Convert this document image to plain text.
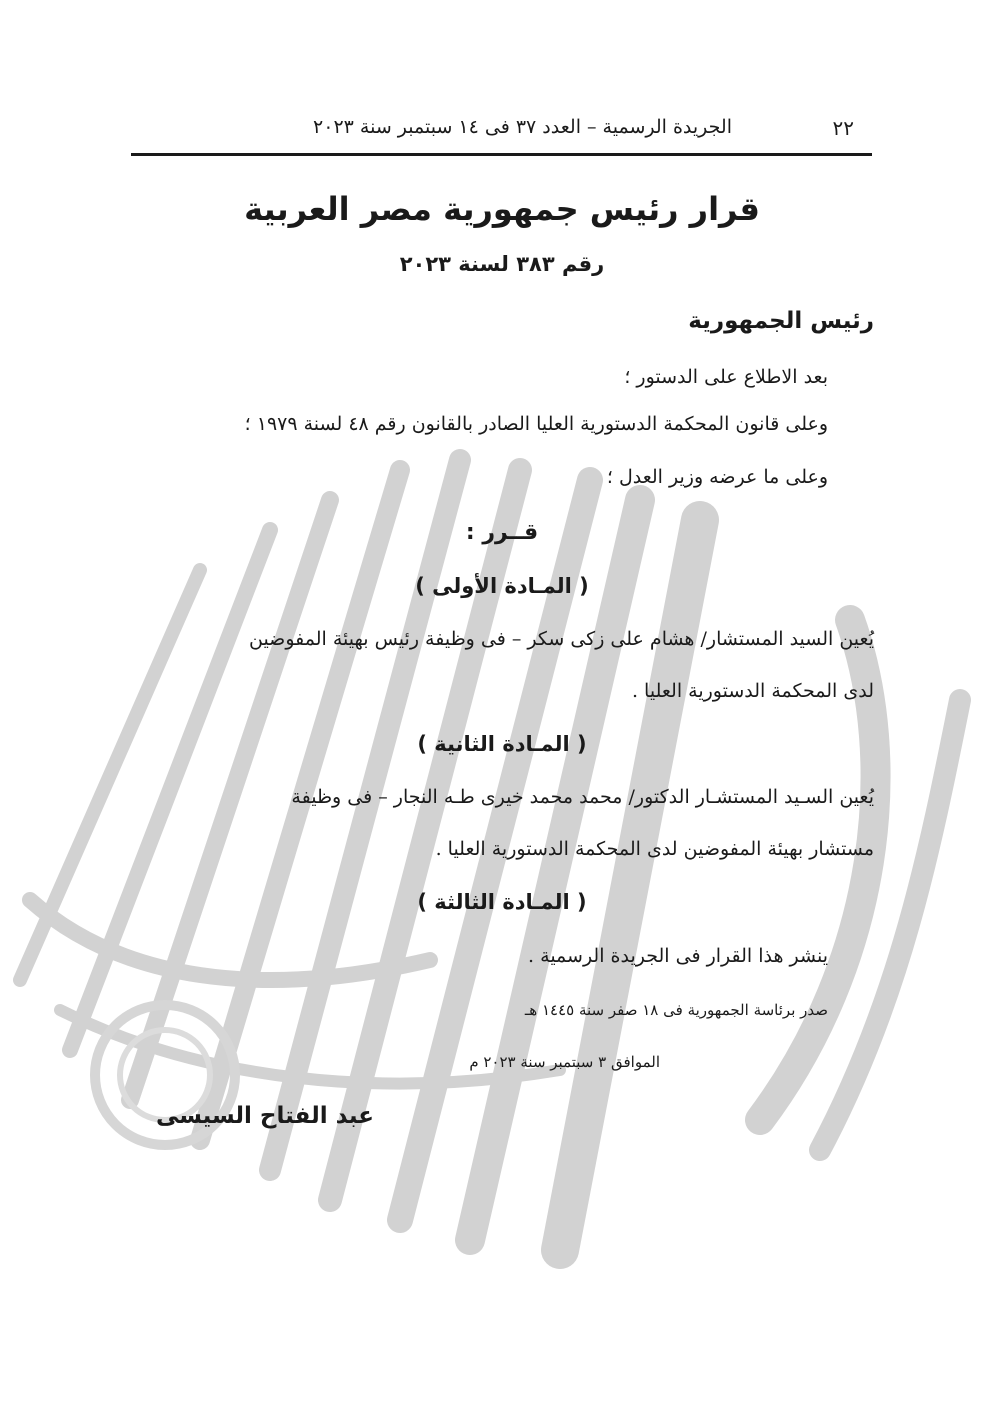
٢٢
الجريدة الرسمية – العدد ٣٧ فى ١٤ سبتمبر سنة ٢٠٢٣
قرار رئيس جمهورية مصر العربية
رقم ٣٨٣ لسنة ٢٠٢٣
رئيس الجمهورية
بعد الاطلاع على الدستور ؛
وعلى قانون المحكمة الدستورية العليا الصادر بالقانون رقم ٤٨ لسنة ١٩٧٩ ؛
وعلى ما عرضه وزير العدل ؛
قــرر :
( المـادة الأولى )
يُعين السيد المستشار/ هشام على زكى سكر – فى وظيفة رئيس بهيئة المفوضين
لدى المحكمة الدستورية العليا .
( المـادة الثانية )
يُعين السـيد المستشـار الدكتور/ محمد محمد خيرى طـه النجار – فى وظيفة
مستشار بهيئة المفوضين لدى المحكمة الدستورية العليا .
( المـادة الثالثة )
ينشر هذا القرار فى الجريدة الرسمية .
صدر برئاسة الجمهورية فى ١٨ صفر سنة ١٤٤٥ هـ
الموافق ٣ سبتمبر سنة ٢٠٢٣ م
عبد الفتاح السيسى
